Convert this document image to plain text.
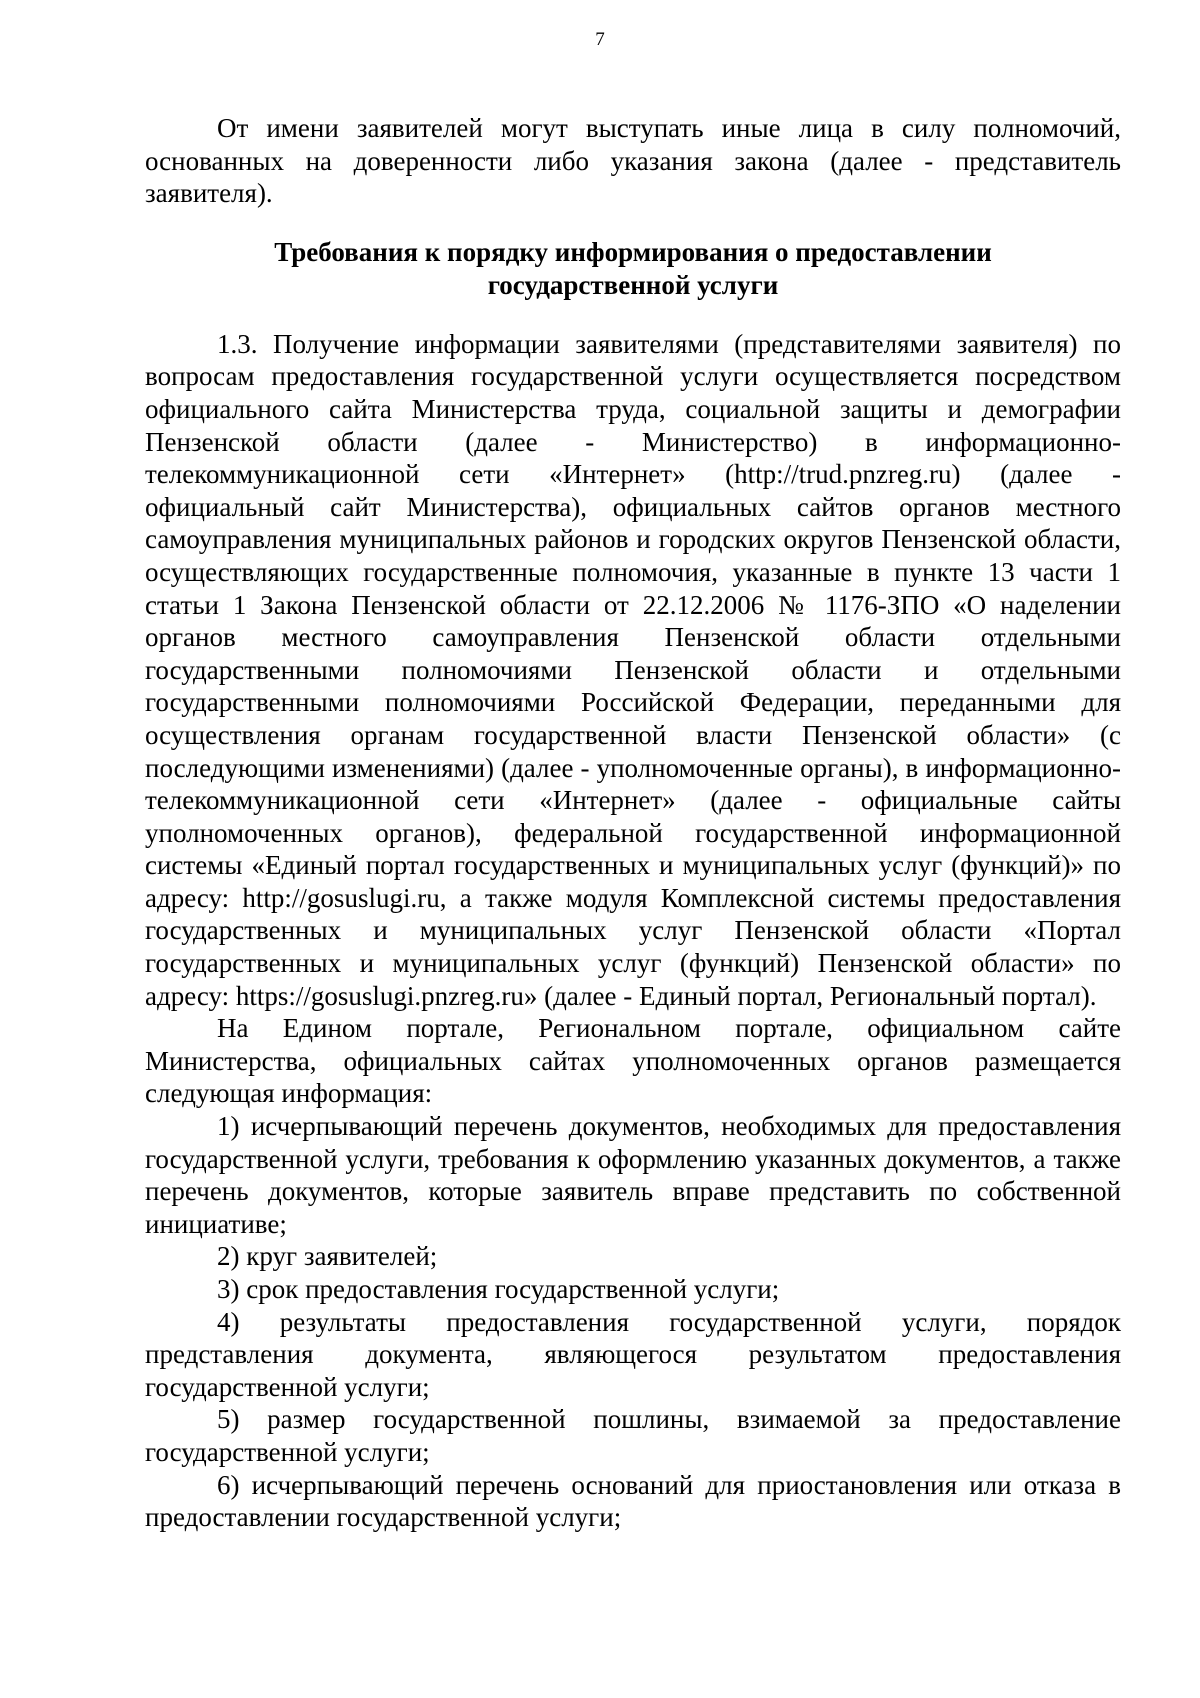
7

От имени заявителей могут выступать иные лица в силу полномочий, основанных на доверенности либо указания закона (далее - представитель заявителя).

Требования к порядку информирования о предоставлении
государственной услуги

1.3. Получение информации заявителями (представителями заявителя) по вопросам предоставления государственной услуги осуществляется посредством официального сайта Министерства труда, социальной защиты и демографии Пензенской области (далее - Министерство) в информационно-телекоммуникационной сети «Интернет» (http://trud.pnzreg.ru) (далее - официальный сайт Министерства), официальных сайтов органов местного самоуправления муниципальных районов и городских округов Пензенской области, осуществляющих государственные полномочия, указанные в пункте 13 части 1 статьи 1 Закона Пензенской области от 22.12.2006 № 1176-ЗПО «О наделении органов местного самоуправления Пензенской области отдельными государственными полномочиями Пензенской области и отдельными государственными полномочиями Российской Федерации, переданными для осуществления органам государственной власти Пензенской области» (с последующими изменениями) (далее - уполномоченные органы), в информационно-телекоммуникационной сети «Интернет» (далее - официальные сайты уполномоченных органов), федеральной государственной информационной системы «Единый портал государственных и муниципальных услуг (функций)» по адресу: http://gosuslugi.ru, а также модуля Комплексной системы предоставления государственных и муниципальных услуг Пензенской области «Портал государственных и муниципальных услуг (функций) Пензенской области» по адресу: https://gosuslugi.pnzreg.ru» (далее - Единый портал, Региональный портал).

На Едином портале, Региональном портале, официальном сайте Министерства, официальных сайтах уполномоченных органов размещается следующая информация:

1) исчерпывающий перечень документов, необходимых для предоставления государственной услуги, требования к оформлению указанных документов, а также перечень документов, которые заявитель вправе представить по собственной инициативе;

2) круг заявителей;

3) срок предоставления государственной услуги;

4) результаты предоставления государственной услуги, порядок представления документа, являющегося результатом предоставления государственной услуги;

5) размер государственной пошлины, взимаемой за предоставление государственной услуги;

6) исчерпывающий перечень оснований для приостановления или отказа в предоставлении государственной услуги;
